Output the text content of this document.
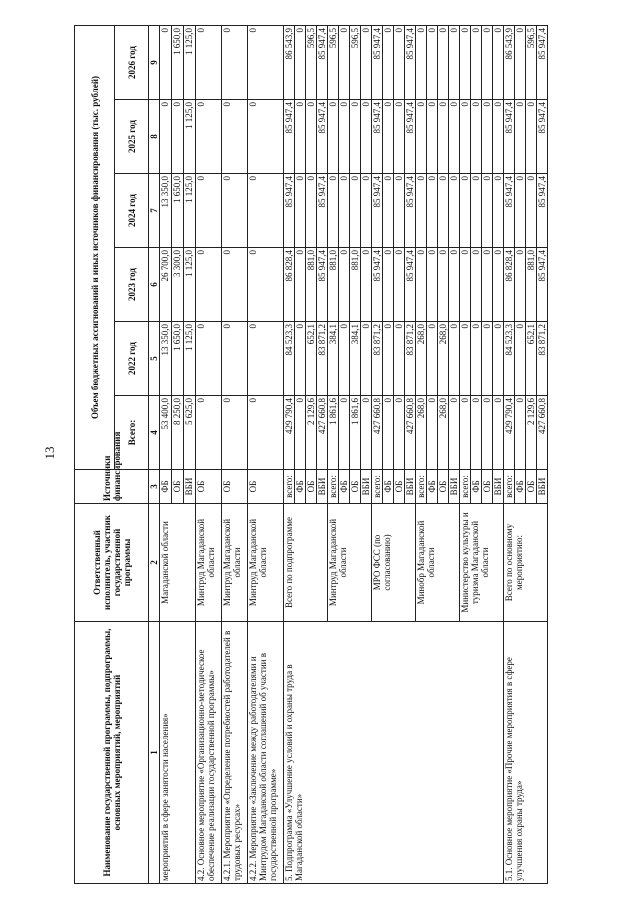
13
Наименование государственной программы, подпрограммы, основных мероприятий, мероприятий	Ответственный исполнитель, участник государственной программы	Источники финансирования	Объем бюджетных ассигнований и иных источников финансирования (тыс. рублей)					
			Всего:	2022 год	2023 год	2024 год	2025 год	2026 год
1	2	3	4	5	6	7	8	9
мероприятий в сфере занятости населения»	Магаданской области	ФБ	53 400,0	13 350,0	26 700,0	13 350,0	0	0
		ОБ	8 250,0	1 650,0	3 300,0	1 650,0	0	1 650,0
		ВБИ	5 625,0	1 125,0	1 125,0	1 125,0	1 125,0	1 125,0
4.2. Основное мероприятие «Организационно-методическое обеспечение реализации государственной программы»	Минтруд Магаданской области	ОБ	0	0	0	0	0	0
4.2.1. Мероприятие «Определение потребностей работодателей в трудовых ресурсах»	Минтруд Магаданской области	ОБ	0	0	0	0	0	0
4.2.2. Мероприятие «Заключение между работодателями и Минтрудом Магаданской области соглашений об участии в государственной программе»	Минтруд Магаданской области	ОБ	0	0	0	0	0	0
5. Подпрограмма «Улучшение условий и охраны труда в Магаданской области»	Всего по подпрограмме	всего:	429 790,4	84 523,3	86 828,4	85 947,4	85 947,4	86 543,9
		ФБ	0	0	0	0	0	0
		ОБ	2 129,6	652,1	881,0	0	0	596,5
		ВБИ	427 660,8	83 871,2	85 947,4	85 947,4	85 947,4	85 947,4
	Минтруд Магаданской области	всего:	1 861,6	384,1	881,0	0	0	596,5
		ФБ	0	0	0	0	0	0
		ОБ	1 861,6	384,1	881,0	0	0	596,5
		ВБИ	0	0	0	0	0	0
	МРО ФСС (по согласованию)	всего:	427 660,8	83 871,2	85 947,4	85 947,4	85 947,4	85 947,4
		ФБ	0	0	0	0	0	0
		ОБ	0	0	0	0	0	0
		ВБИ	427 660,8	83 871,2	85 947,4	85 947,4	85 947,4	85 947,4
	Минобр Магаданской области	всего:	268,0	268,0	0	0	0	0
		ФБ	0	0	0	0	0	0
		ОБ	268,0	268,0	0	0	0	0
		ВБИ	0	0	0	0	0	0
	Министерство культуры и туризма Магаданской области	всего:	0	0	0	0	0	0
		ФБ	0	0	0	0	0	0
		ОБ	0	0	0	0	0	0
		ВБИ	0	0	0	0	0	0
5.1. Основное мероприятие «Прочие мероприятия в сфере улучшения охраны труда»	Всего по основному мероприятию:	всего:	429 790,4	84 523,3	86 828,4	85 947,4	85 947,4	86 543,9
		ФБ	0	0	0	0	0	0
		ОБ	2 129,6	652,1	881,0	0	0	596,5
		ВБИ	427 660,8	83 871,2	85 947,4	85 947,4	85 947,4	85 947,4
